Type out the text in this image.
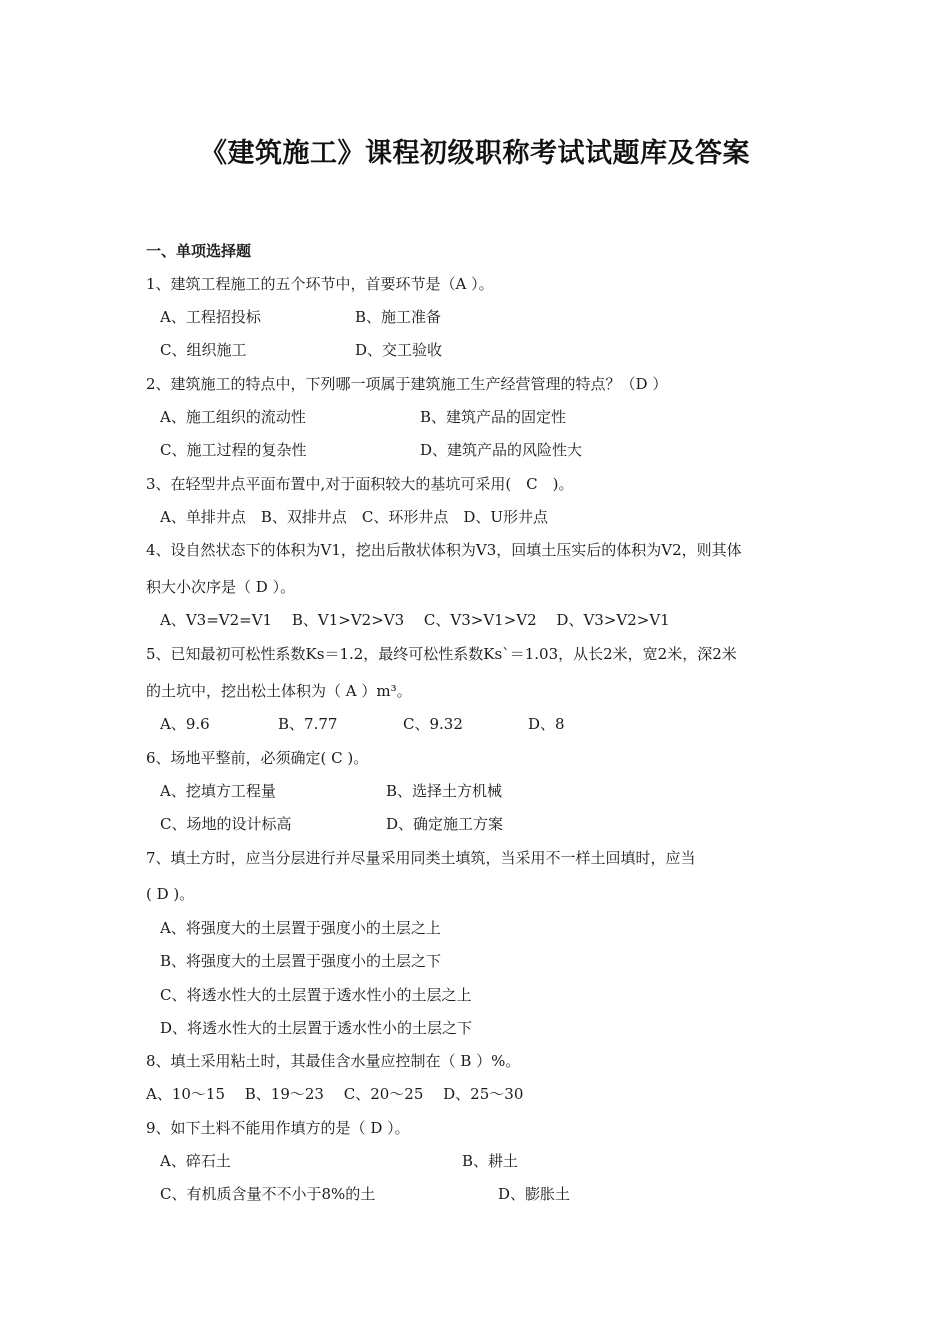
《建筑施工》课程初级职称考试试题库及答案
一、单项选择题
1、建筑工程施工的五个环节中，首要环节是（A ）。
A、工程招投标	B、施工准备
C、组织施工	D、交工验收
2、建筑施工的特点中，下列哪一项属于建筑施工生产经营管理的特点？（D ）
A、施工组织的流动性	B、建筑产品的固定性
C、施工过程的复杂性	D、建筑产品的风险性大
3、在轻型井点平面布置中,对于面积较大的基坑可采用(　C　)。
A、单排井点　B、双排井点　C、环形井点　D、U形井点
4、设自然状态下的体积为V1，挖出后散状体积为V3，回填土压实后的体积为V2，则其体
积大小次序是（ D ）。
A、V3=V2=V1　 B、V1>V2>V3　 C、V3>V1>V2　 D、V3>V2>V1
5、已知最初可松性系数Ks＝1.2，最终可松性系数Ks`＝1.03，从长2米，宽2米，深2米
的土坑中，挖出松土体积为（ A ）m³。
A、9.6	B、7.77	C、9.32	D、8
6、场地平整前，必须确定( C )。
A、挖填方工程量	B、选择土方机械
C、场地的设计标高	D、确定施工方案
7、填土方时，应当分层进行并尽量采用同类土填筑，当采用不一样土回填时，应当
( D )。
A、将强度大的土层置于强度小的土层之上
B、将强度大的土层置于强度小的土层之下
C、将透水性大的土层置于透水性小的土层之上
D、将透水性大的土层置于透水性小的土层之下
8、填土采用粘土时，其最佳含水量应控制在（ B ）%。
A、10～15　 B、19～23　 C、20～25　 D、25～30
9、如下土料不能用作填方的是（ D ）。
A、碎石土	B、耕土
C、有机质含量不不小于8%的土	D、膨胀土
